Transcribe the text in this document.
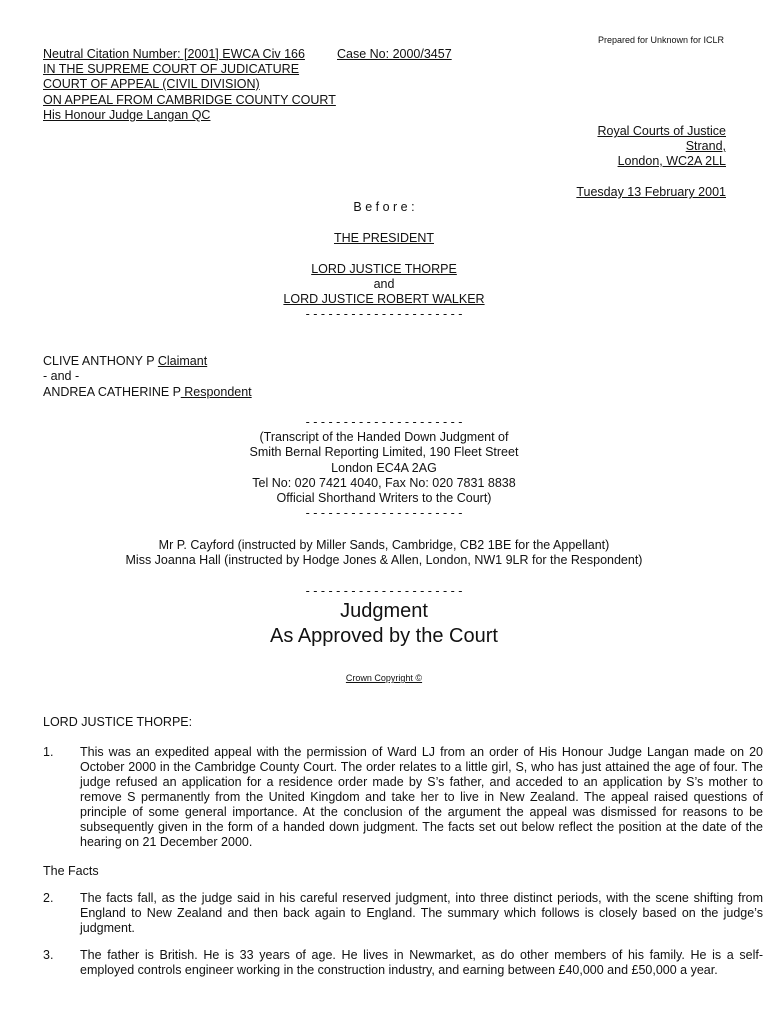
Prepared for Unknown for ICLR
Neutral Citation Number: [2001] EWCA Civ 166	Case No: 2000/3457
IN THE SUPREME COURT OF JUDICATURE
COURT OF APPEAL (CIVIL DIVISION)
ON APPEAL FROM CAMBRIDGE COUNTY COURT
His Honour Judge Langan QC
Royal Courts of Justice
Strand,
London, WC2A 2LL
Tuesday 13 February 2001
B e f o r e :
THE PRESIDENT
LORD JUSTICE THORPE
and
LORD JUSTICE ROBERT WALKER
- - - - - - - - - - - - - - - - - - - - -
CLIVE ANTHONY P Claimant
- and -
ANDREA CATHERINE P Respondent
- - - - - - - - - - - - - - - - - - - - -
(Transcript of the Handed Down Judgment of
Smith Bernal Reporting Limited, 190 Fleet Street
London EC4A 2AG
Tel No: 020 7421 4040, Fax No: 020 7831 8838
Official Shorthand Writers to the Court)
- - - - - - - - - - - - - - - - - - - - -
Mr P. Cayford (instructed by Miller Sands, Cambridge, CB2 1BE for the Appellant)
Miss Joanna Hall (instructed by Hodge Jones & Allen, London, NW1 9LR for the Respondent)
- - - - - - - - - - - - - - - - - - - - -
Judgment
As Approved by the Court
Crown Copyright ©
LORD JUSTICE THORPE:
1. This was an expedited appeal with the permission of Ward LJ from an order of His Honour Judge Langan made on 20 October 2000 in the Cambridge County Court. The order relates to a little girl, S, who has just attained the age of four. The judge refused an application for a residence order made by S’s father, and acceded to an application by S’s mother to remove S permanently from the United Kingdom and take her to live in New Zealand. The appeal raised questions of principle of some general importance. At the conclusion of the argument the appeal was dismissed for reasons to be subsequently given in the form of a handed down judgment. The facts set out below reflect the position at the date of the hearing on 21 December 2000.
The Facts
2. The facts fall, as the judge said in his careful reserved judgment, into three distinct periods, with the scene shifting from England to New Zealand and then back again to England. The summary which follows is closely based on the judge’s judgment.
3. The father is British. He is 33 years of age. He lives in Newmarket, as do other members of his family. He is a self-employed controls engineer working in the construction industry, and earning between £40,000 and £50,000 a year.
